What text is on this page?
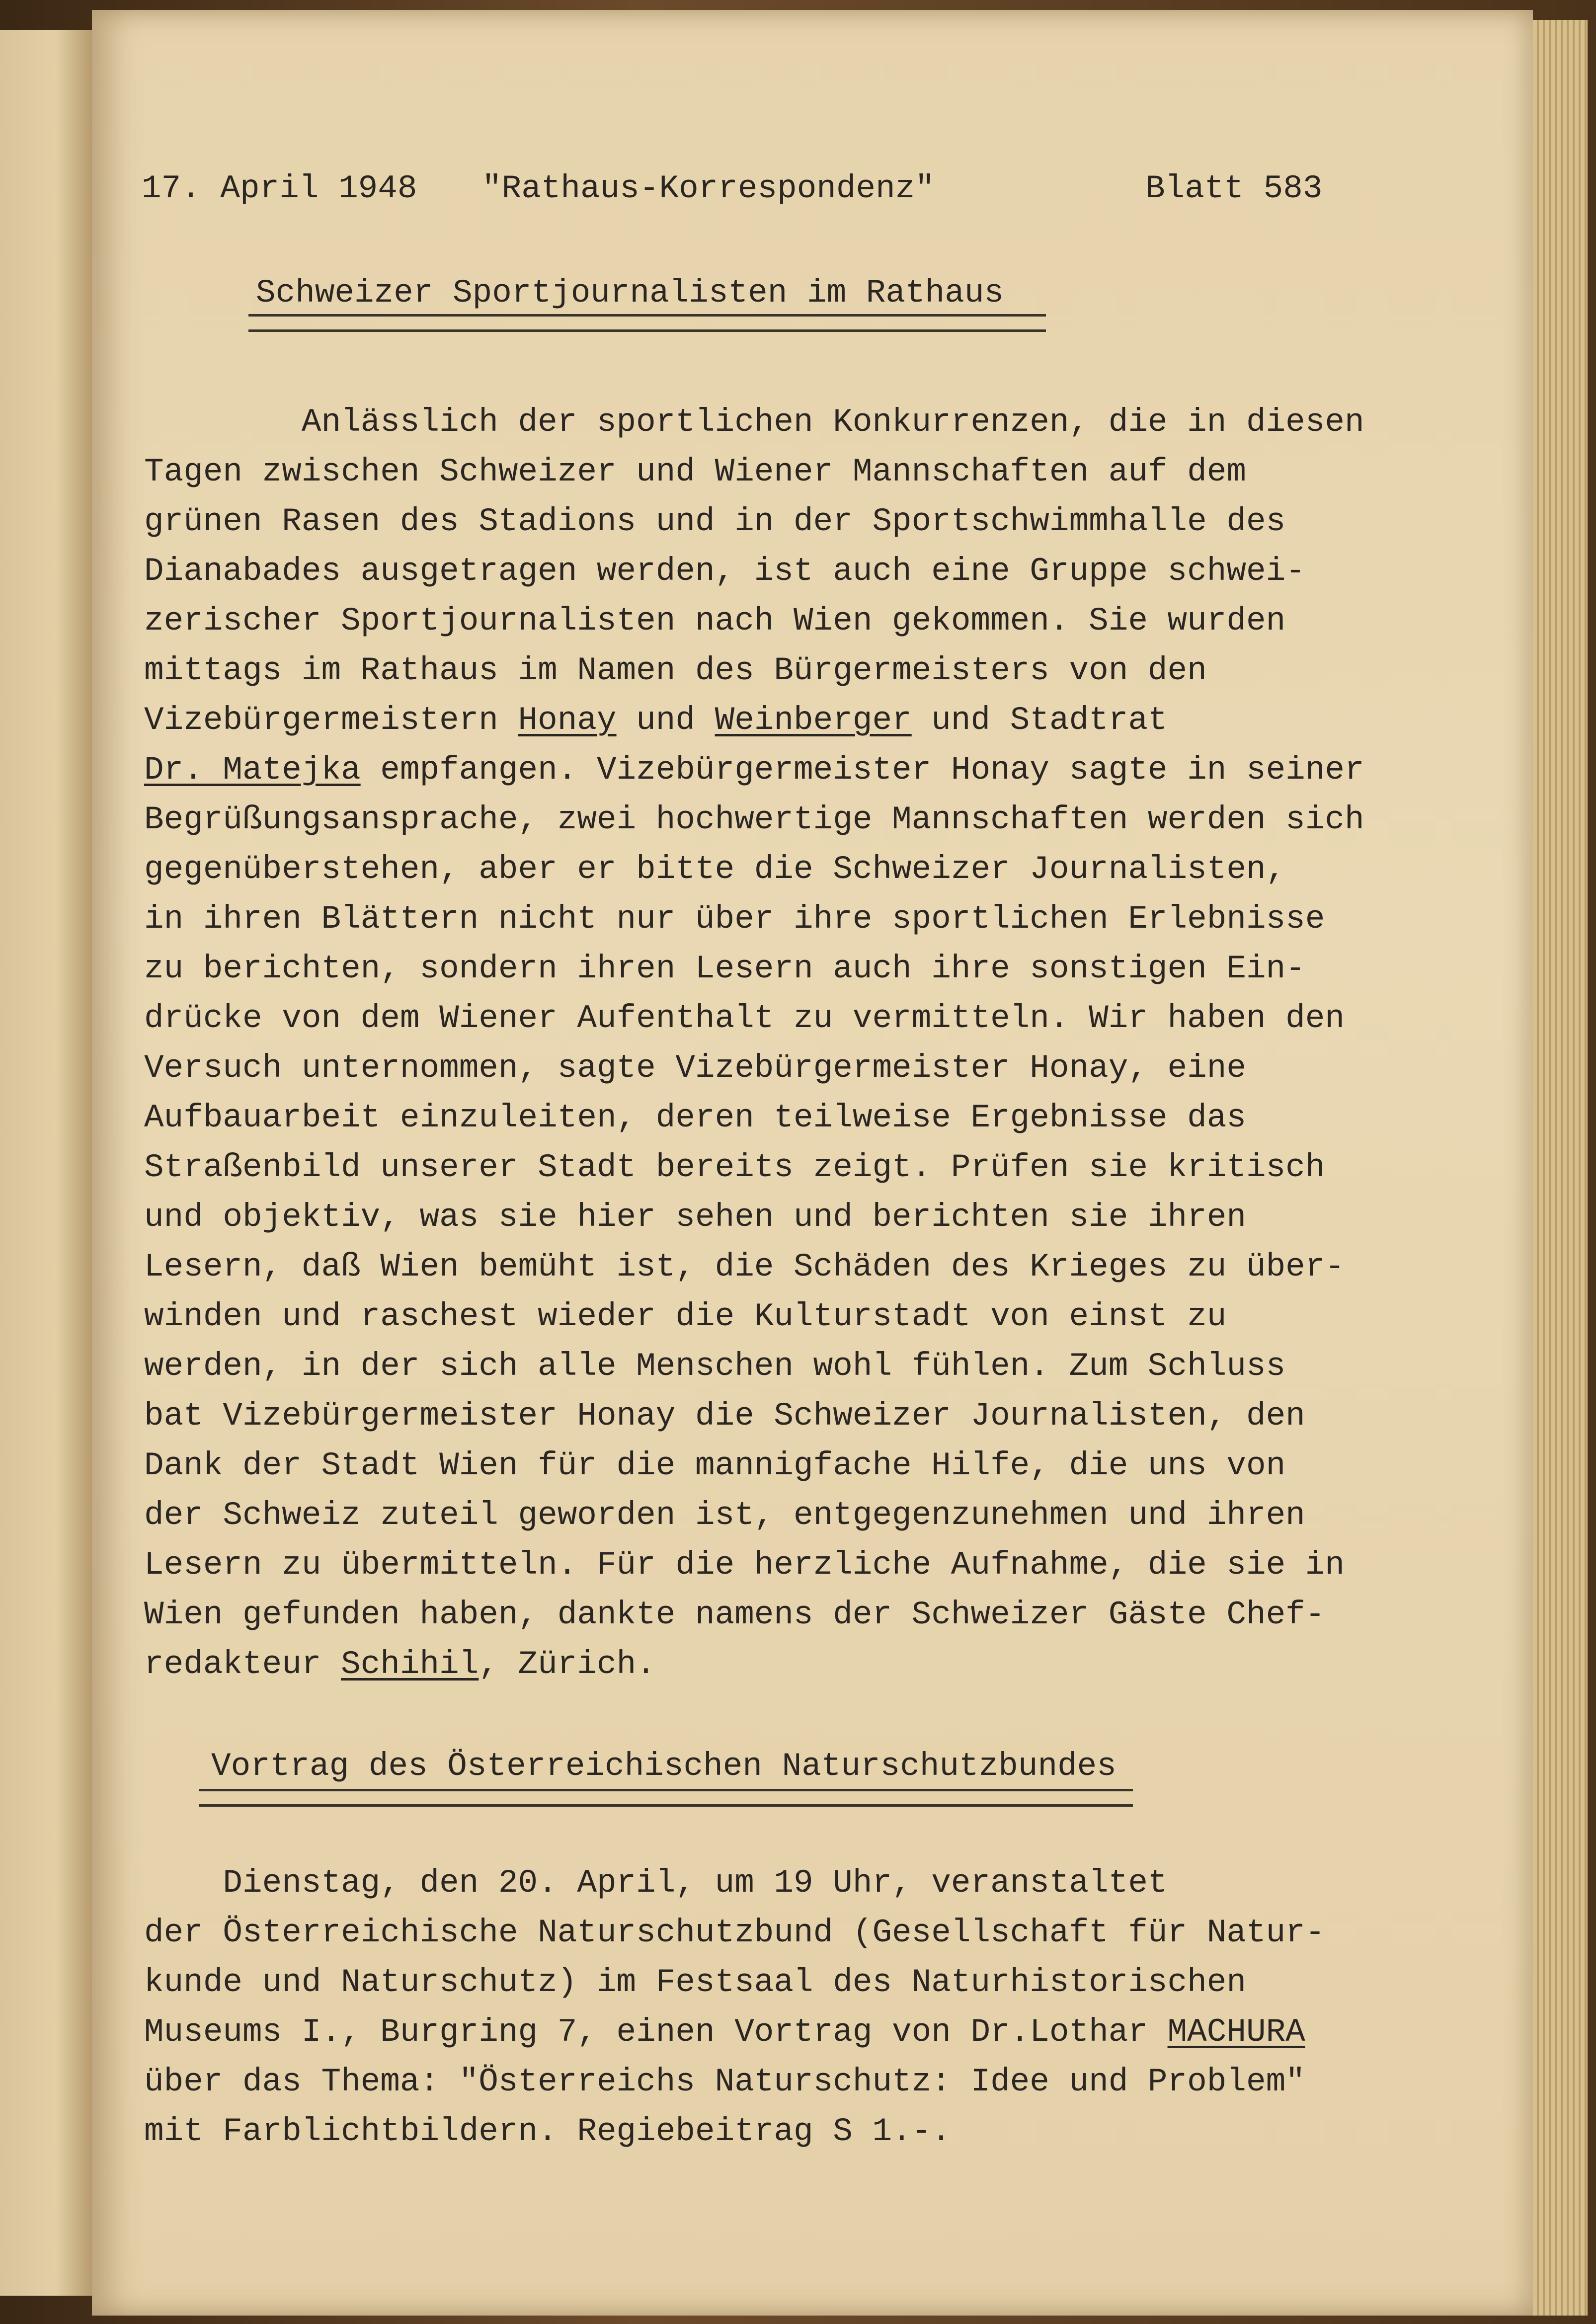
17. April 1948 "Rathaus-Korrespondenz"	Blatt 583
Schweizer Sportjournalisten im Rathaus
Anlässlich der sportlichen Konkurrenzen, die in diesen
Tagen zwischen Schweizer und Wiener Mannschaften auf dem
grünen Rasen des Stadions und in der Sportschwimmhalle des
Dianabades ausgetragen werden, ist auch eine Gruppe schwei-
zerischer Sportjournalisten nach Wien gekommen. Sie wurden
mittags im Rathaus im Namen des Bürgermeisters von den
Vizebürgermeistern Honay und Weinberger und Stadtrat
Dr. Matejka empfangen. Vizebürgermeister Honay sagte in seiner
Begrüßungsansprache, zwei hochwertige Mannschaften werden sich
gegenüberstehen, aber er bitte die Schweizer Journalisten,
in ihren Blättern nicht nur über ihre sportlichen Erlebnisse
zu berichten, sondern ihren Lesern auch ihre sonstigen Ein-
drücke von dem Wiener Aufenthalt zu vermitteln. Wir haben den
Versuch unternommen, sagte Vizebürgermeister Honay, eine
Aufbauarbeit einzuleiten, deren teilweise Ergebnisse das
Straßenbild unserer Stadt bereits zeigt. Prüfen sie kritisch
und objektiv, was sie hier sehen und berichten sie ihren
Lesern, daß Wien bemüht ist, die Schäden des Krieges zu über-
winden und raschest wieder die Kulturstadt von einst zu
werden, in der sich alle Menschen wohl fühlen. Zum Schluss
bat Vizebürgermeister Honay die Schweizer Journalisten, den
Dank der Stadt Wien für die mannigfache Hilfe, die uns von
der Schweiz zuteil geworden ist, entgegenzunehmen und ihren
Lesern zu übermitteln. Für die herzliche Aufnahme, die sie in
Wien gefunden haben, dankte namens der Schweizer Gäste Chef-
redakteur Schihil, Zürich.
Vortrag des Österreichischen Naturschutzbundes
Dienstag, den 20. April, um 19 Uhr, veranstaltet
der Österreichische Naturschutzbund (Gesellschaft für Natur-
kunde und Naturschutz) im Festsaal des Naturhistorischen
Museums I., Burgring 7, einen Vortrag von Dr.Lothar MACHURA
über das Thema: "Österreichs Naturschutz: Idee und Problem"
mit Farblichtbildern. Regiebeitrag S 1.-.
